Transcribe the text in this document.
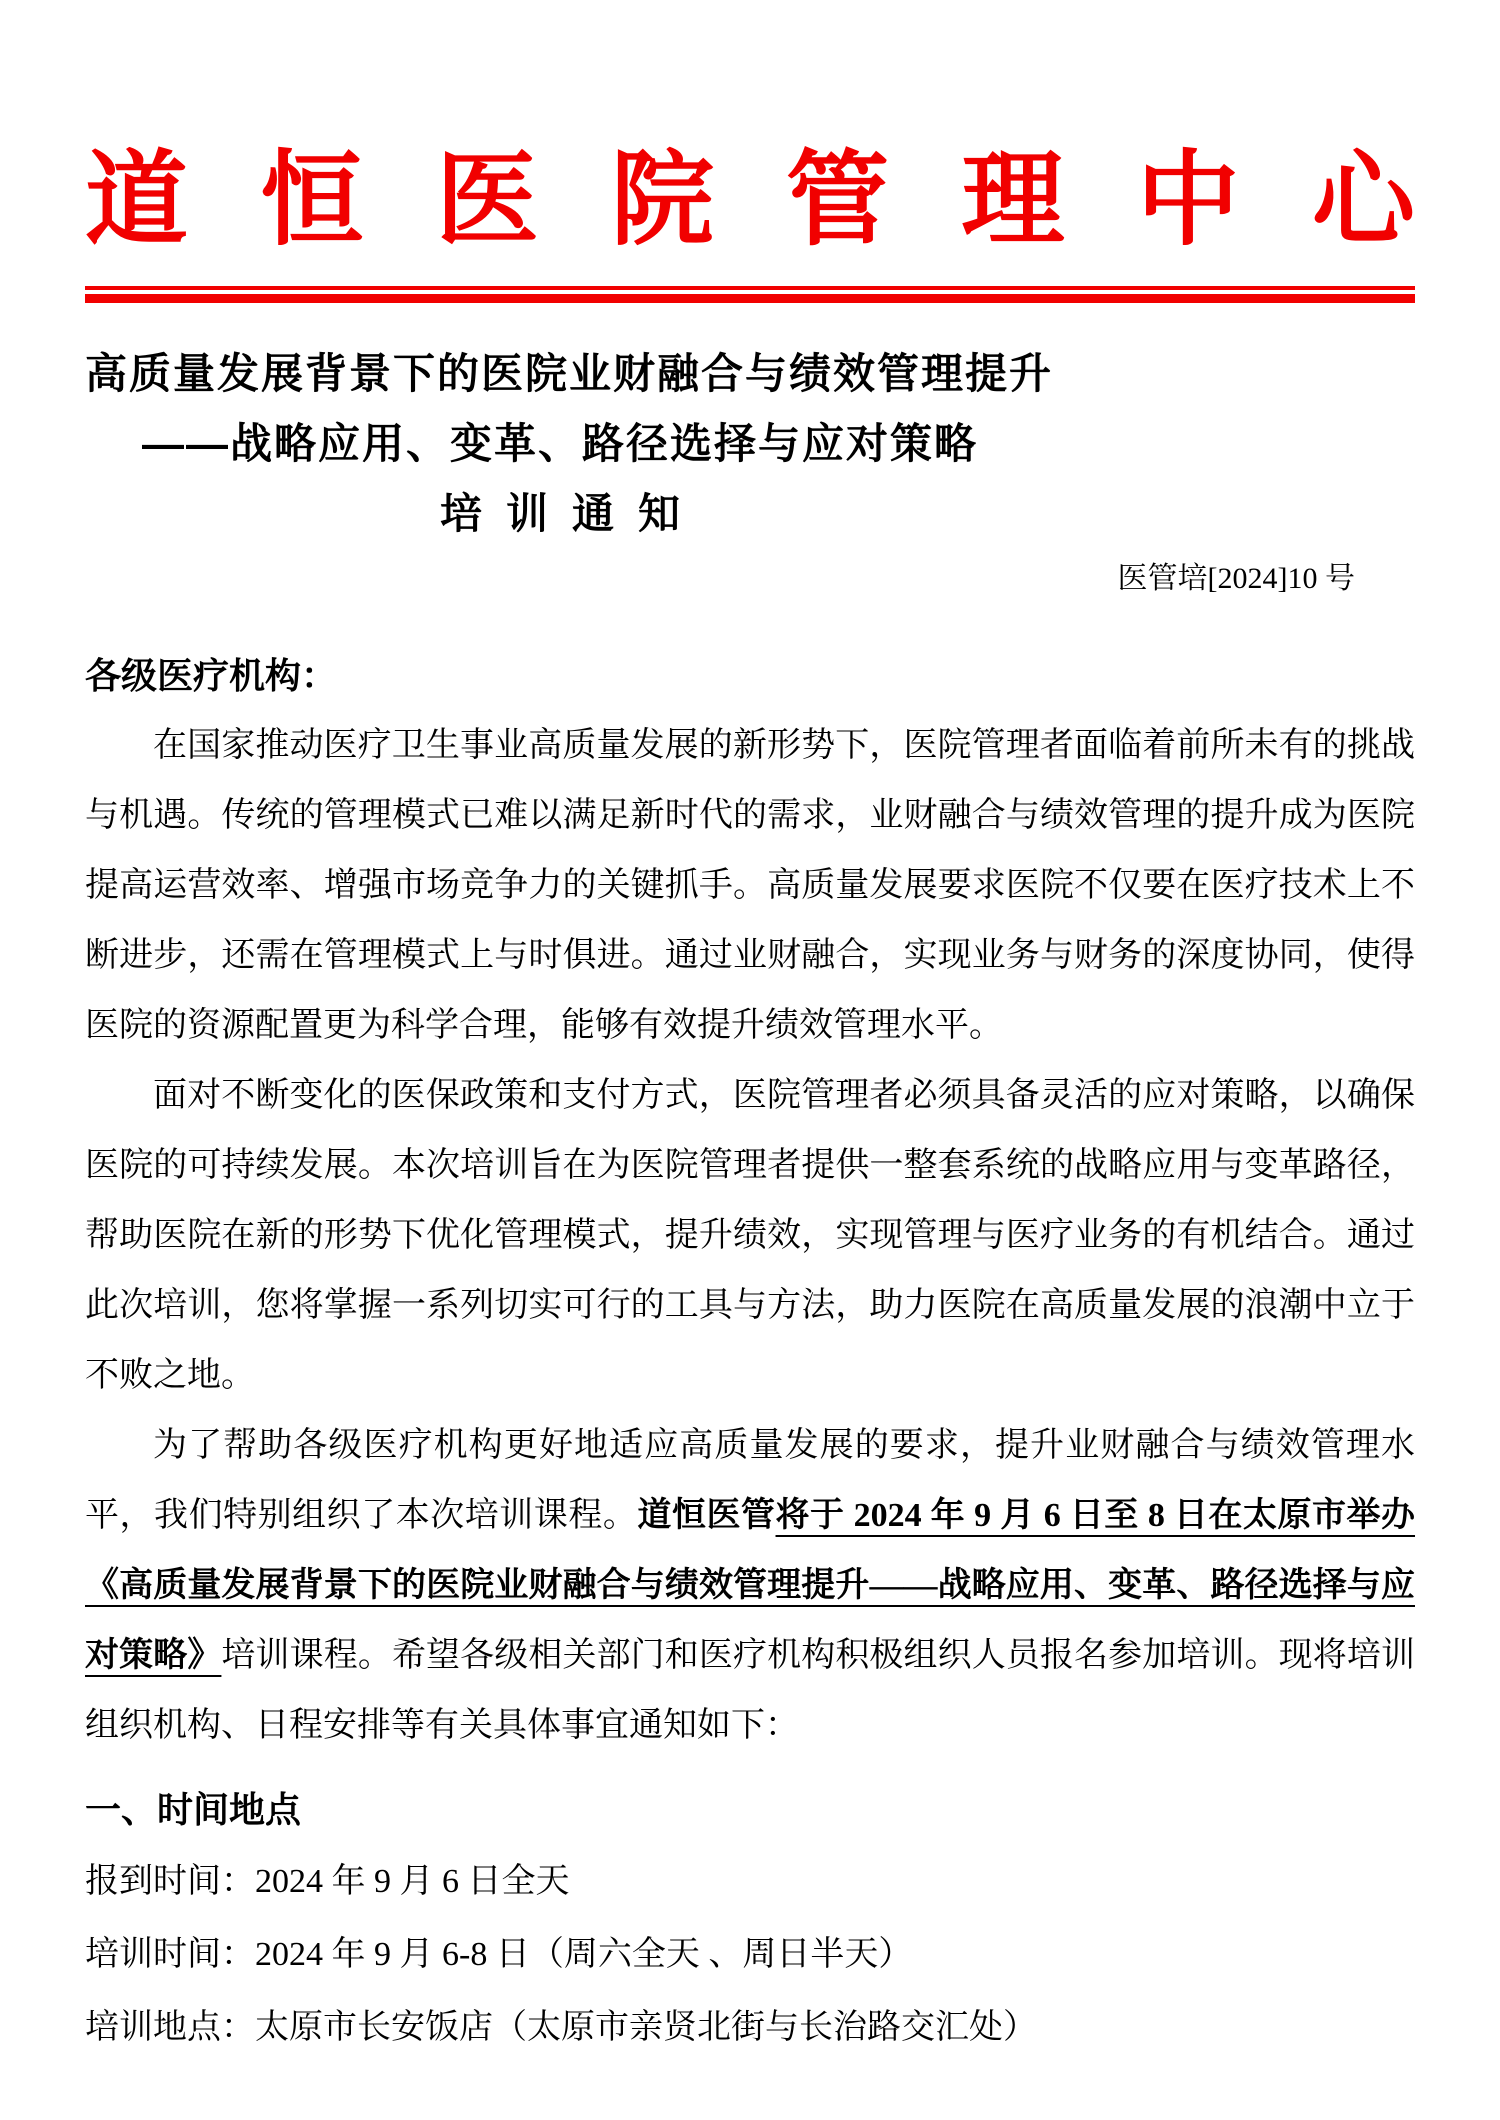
道 恒 医 院 管 理 中 心
高质量发展背景下的医院业财融合与绩效管理提升
——战略应用、变革、路径选择与应对策略
培训通知
医管培[2024]10 号
各级医疗机构：

在国家推动医疗卫生事业高质量发展的新形势下，医院管理者面临着前所未有的挑战与机遇。传统的管理模式已难以满足新时代的需求，业财融合与绩效管理的提升成为医院提高运营效率、增强市场竞争力的关键抓手。高质量发展要求医院不仅要在医疗技术上不断进步，还需在管理模式上与时俱进。通过业财融合，实现业务与财务的深度协同，使得医院的资源配置更为科学合理，能够有效提升绩效管理水平。

面对不断变化的医保政策和支付方式，医院管理者必须具备灵活的应对策略，以确保医院的可持续发展。本次培训旨在为医院管理者提供一整套系统的战略应用与变革路径，帮助医院在新的形势下优化管理模式，提升绩效，实现管理与医疗业务的有机结合。通过此次培训，您将掌握一系列切实可行的工具与方法，助力医院在高质量发展的浪潮中立于不败之地。

为了帮助各级医疗机构更好地适应高质量发展的要求，提升业财融合与绩效管理水平，我们特别组织了本次培训课程。道恒医管将于 2024 年 9 月 6 日至 8 日在太原市举办《高质量发展背景下的医院业财融合与绩效管理提升——战略应用、变革、路径选择与应对策略》培训课程。希望各级相关部门和医疗机构积极组织人员报名参加培训。现将培训组织机构、日程安排等有关具体事宜通知如下：

一、时间地点
报到时间：2024 年 9 月 6 日全天
培训时间：2024 年 9 月 6-8 日（周六全天 、周日半天）
培训地点：太原市长安饭店（太原市亲贤北街与长治路交汇处）
